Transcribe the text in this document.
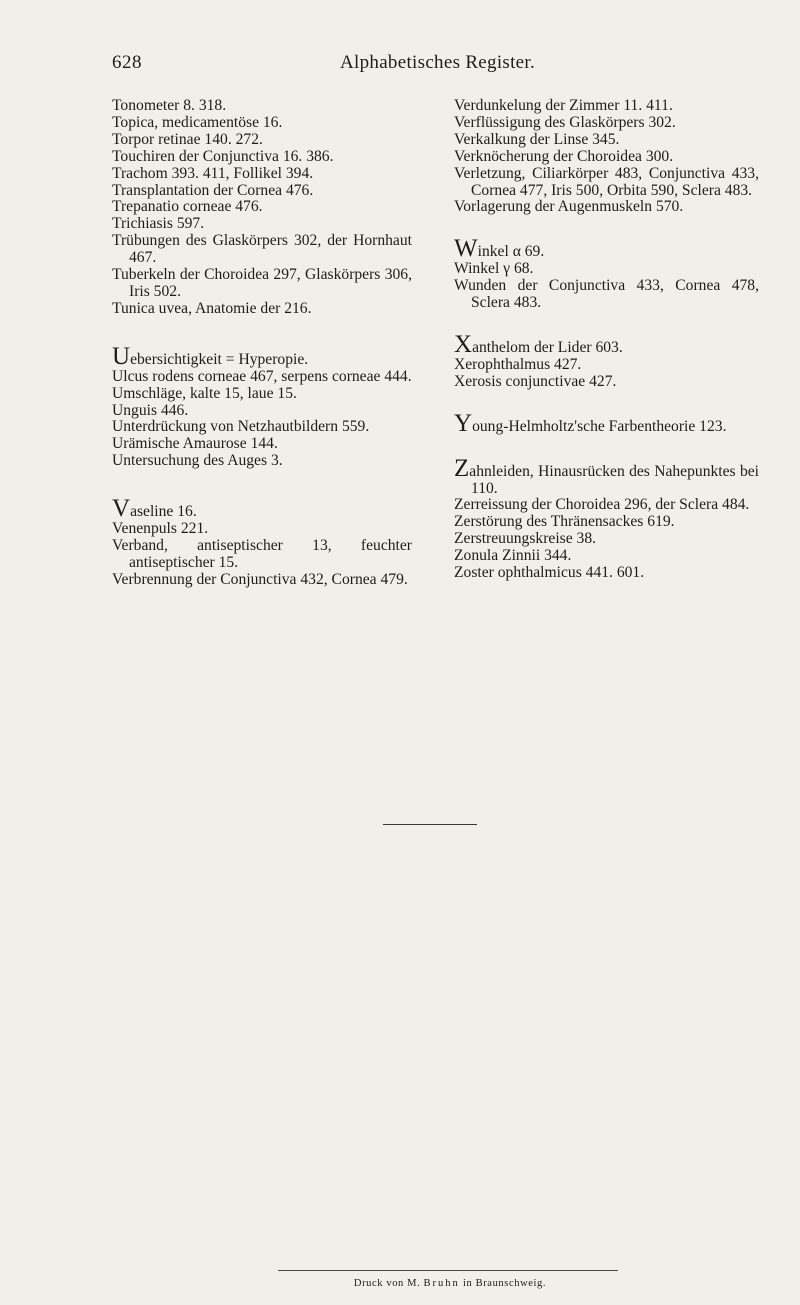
628	Alphabetisches Register.
Tonometer 8. 318.
Topica, medicamentöse 16.
Torpor retinae 140. 272.
Touchiren der Conjunctiva 16. 386.
Trachom 393. 411, Follikel 394.
Transplantation der Cornea 476.
Trepanatio corneae 476.
Trichiasis 597.
Trübungen des Glaskörpers 302, der Hornhaut 467.
Tuberkeln der Choroidea 297, Glaskörpers 306, Iris 502.
Tunica uvea, Anatomie der 216.
Uebersichtigkeit = Hyperopie.
Ulcus rodens corneae 467, serpens corneae 444.
Umschläge, kalte 15, laue 15.
Unguis 446.
Unterdrückung von Netzhautbildern 559.
Urämische Amaurose 144.
Untersuchung des Auges 3.
Vaseline 16.
Venenpuls 221.
Verband, antiseptischer 13, feuchter antiseptischer 15.
Verbrennung der Conjunctiva 432, Cornea 479.
Verdunkelung der Zimmer 11. 411.
Verflüssigung des Glaskörpers 302.
Verkalkung der Linse 345.
Verknöcherung der Choroidea 300.
Verletzung, Ciliarkörper 483, Conjunctiva 433, Cornea 477, Iris 500, Orbita 590, Sclera 483.
Vorlagerung der Augenmuskeln 570.
Winkel α 69.
Winkel γ 68.
Wunden der Conjunctiva 433, Cornea 478, Sclera 483.
Xanthelom der Lider 603.
Xerophthalmus 427.
Xerosis conjunctivae 427.
Young-Helmholtz'sche Farbentheorie 123.
Zahnleiden, Hinausrücken des Nahepunktes bei 110.
Zerreissung der Choroidea 296, der Sclera 484.
Zerstörung des Thränensackes 619.
Zerstreuungskreise 38.
Zonula Zinnii 344.
Zoster ophthalmicus 441. 601.
Druck von M. Bruhn in Braunschweig.
